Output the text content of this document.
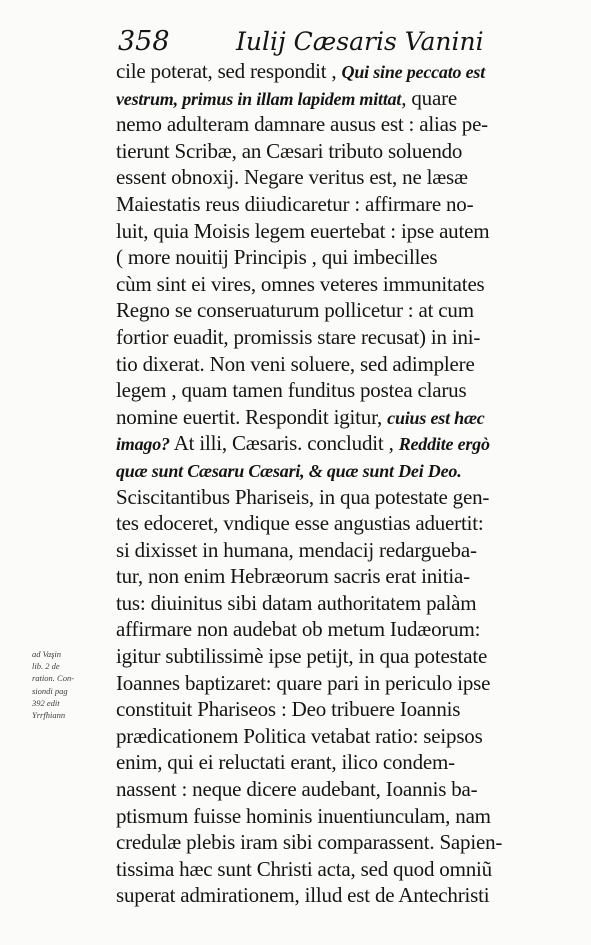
358	Iulij Cæsaris Vanini
cile poterat, sed respondit , Qui sine peccato est
vestrum, primus in illam lapidem mittat, quare
nemo adulteram damnare ausus est : alias pe-
tierunt Scribæ, an Cæsari tributo soluendo
essent obnoxij. Negare veritus est, ne læsæ
Maiestatis reus diiudicaretur : affirmare no-
luit, quia Moisis legem euertebat : ipse autem
( more nouitij Principis , qui imbecilles
cùm sint ei vires, omnes veteres immunitates
Regno se conseruaturum pollicetur : at cum
fortior euadit, promissis stare recusat) in ini-
tio dixerat. Non veni soluere, sed adimplere
legem , quam tamen funditus postea clarus
nomine euertit. Respondit igitur, cuius est hæc
imago? At illi, Cæsaris. concludit , Reddite ergò
quæ sunt Cæsaru Cæsari, & quæ sunt Dei Deo.
Sciscitantibus Phariseis, in qua potestate gen-
tes edoceret, vndique esse angustias aduertit:
si dixisset in humana, mendacij redarguebа-
tur, non enim Hebræorum sacris erat initia-
tus: diuinitus sibi datam authoritatem palàm
affirmare non audebat ob metum Iudæorum:
igitur subtilissimè ipse petijt, in qua potestate
Ioannes baptizaret: quare pari in periculo ipse
constituit Phariseos : Deo tribuere Ioannis
prædicationem Politica vetabat ratio: seipsos
enim, qui ei reluctati erant, ilico condem-
nassent : neque dicere audebant, Ioannis ba-
ptismum fuisse hominis inuentiunculam, nam
credulæ plebis iram sibi comparassent. Sapien-
tissima hæc sunt Christi acta, sed quod omniũ
superat admirationem, illud est de Antechristi
ad Vaşin
lib. 2 de
ration. Con-
siondi pag
392 edit
Yrrfhiann
